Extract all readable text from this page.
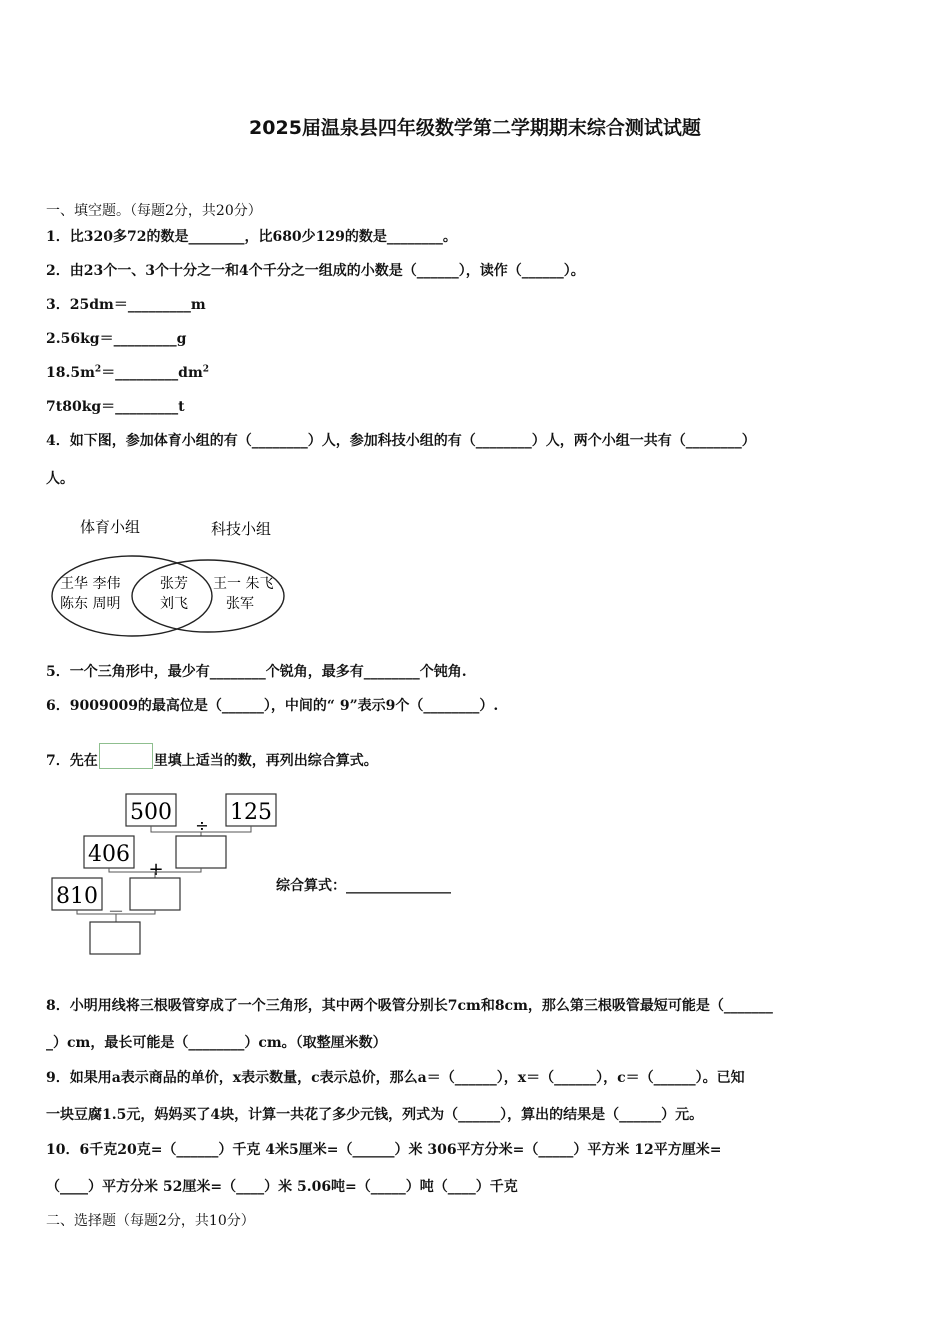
2025届温泉县四年级数学第二学期期末综合测试试题
一、填空题。（每题2分，共20分）
1．比320多72的数是________，比680少129的数是________。
2．由23个一、3个十分之一和4个千分之一组成的小数是（______），读作（______）。
3．25dm＝_________m
2.56kg＝_________g
$18.5m^2=\_\_\_\_\_\_\_\_\_dm^2$
7t80kg＝_________t
4．如下图，参加体育小组的有（________）人，参加科技小组的有（________）人，两个小组一共有（________）
人。
体育小组	科技小组
王华 李伟
陈东 周明
张芳
刘飞
王一 朱飞
张军
5．一个三角形中，最少有________个锐角，最多有________个钝角.
6．9009009的最高位是（______），中间的“ 9”表示9个（________）.
7．先在	里填上适当的数，再列出综合算式。
500	125
÷
406
+
810
－
综合算式：_______________
8．小明用线将三根吸管穿成了一个三角形，其中两个吸管分别长7cm和8cm，那么第三根吸管最短可能是（_______
_）cm，最长可能是（________）cm。（取整厘米数）
9．如果用a表示商品的单价，x表示数量，c表示总价，那么a＝（______），x＝（______），c＝（______）。已知
一块豆腐1.5元，妈妈买了4块，计算一共花了多少元钱，列式为（______），算出的结果是（______）元。
10．6千克20克=（______）千克 4米5厘米=（______）米 306平方分米=（_____）平方米 12平方厘米=
（____）平方分米 52厘米=（____）米 5.06吨=（_____）吨（____）千克
二、选择题（每题2分，共10分）
